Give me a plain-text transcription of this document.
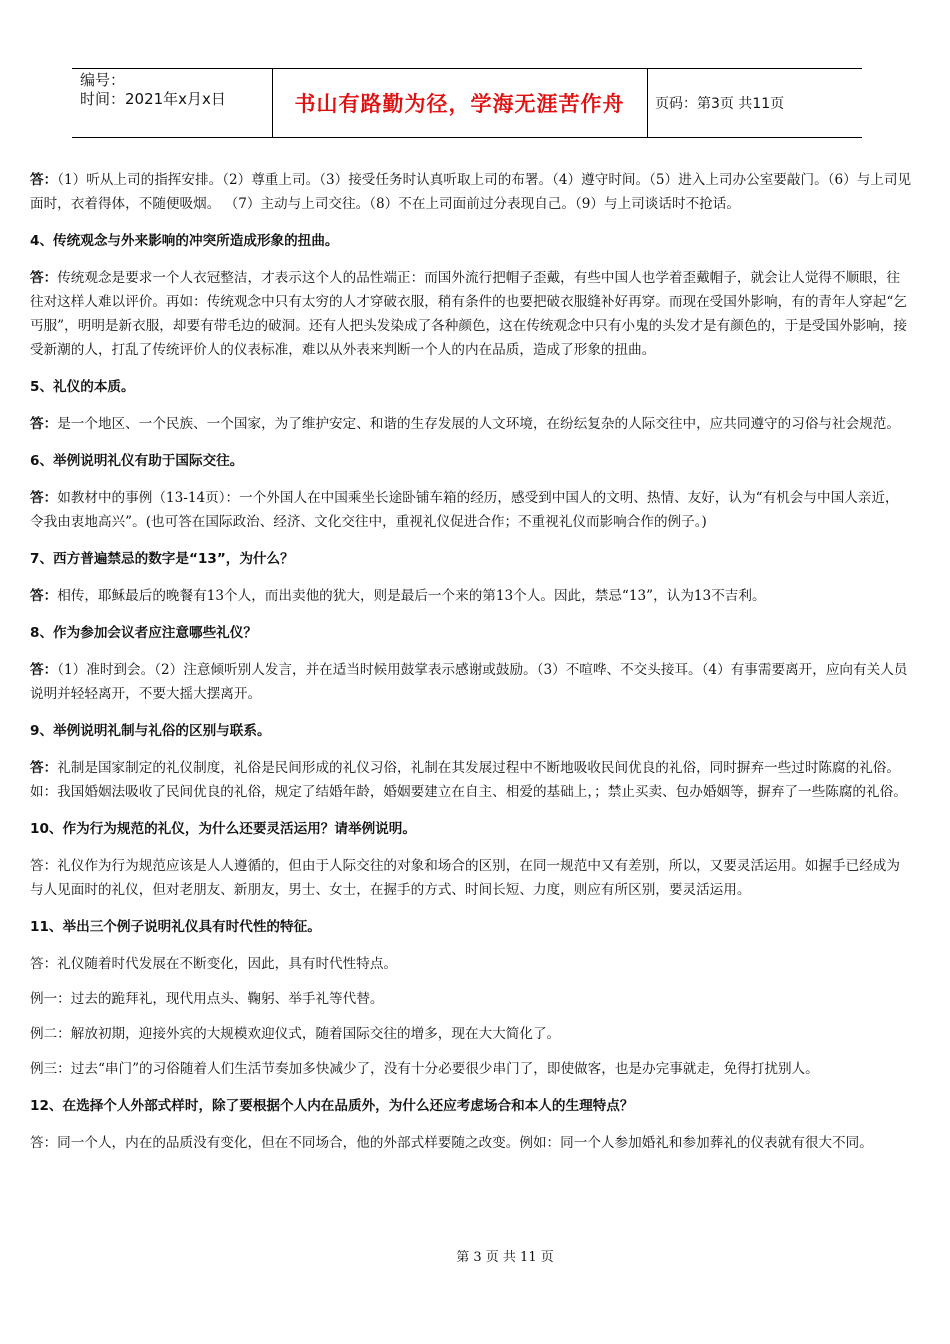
编号：
时间：2021年x月x日	书山有路勤为径，学海无涯苦作舟	页码：第3页 共11页

答：（1）听从上司的指挥安排。（2）尊重上司。（3）接受任务时认真听取上司的布署。（4）遵守时间。（5）进入上司办公室要敲门。（6）与上司见面时，衣着得体，不随便吸烟。 （7）主动与上司交往。（8）不在上司面前过分表现自己。（9）与上司谈话时不抢话。

4、传统观念与外来影响的冲突所造成形象的扭曲。

答：传统观念是要求一个人衣冠整洁，才表示这个人的品性端正：而国外流行把帽子歪戴，有些中国人也学着歪戴帽子，就会让人觉得不顺眼，往往对这样人难以评价。再如：传统观念中只有太穷的人才穿破衣服，稍有条件的也要把破衣服缝补好再穿。而现在受国外影响，有的青年人穿起“乞丐服”，明明是新衣服，却要有带毛边的破洞。还有人把头发染成了各种颜色，这在传统观念中只有小鬼的头发才是有颜色的，于是受国外影响，接受新潮的人，打乱了传统评价人的仪表标准，难以从外表来判断一个人的内在品质，造成了形象的扭曲。

5、礼仪的本质。

答：是一个地区、一个民族、一个国家，为了维护安定、和谐的生存发展的人文环境，在纷纭复杂的人际交往中，应共同遵守的习俗与社会规范。

6、举例说明礼仪有助于国际交往。

答：如教材中的事例（13-14页）：一个外国人在中国乘坐长途卧铺车箱的经历，感受到中国人的文明、热情、友好，认为“有机会与中国人亲近，令我由衷地高兴”。(也可答在国际政治、经济、文化交往中，重视礼仪促进合作；不重视礼仪而影响合作的例子。)

7、西方普遍禁忌的数字是“13”，为什么？

答：相传，耶稣最后的晚餐有13个人，而出卖他的犹大，则是最后一个来的第13个人。因此，禁忌“13”，认为13不吉利。

8、作为参加会议者应注意哪些礼仪？

答：（1）准时到会。（2）注意倾听别人发言，并在适当时候用鼓掌表示感谢或鼓励。（3）不喧哗、不交头接耳。（4）有事需要离开，应向有关人员说明并轻轻离开，不要大摇大摆离开。

9、举例说明礼制与礼俗的区别与联系。

答：礼制是国家制定的礼仪制度，礼俗是民间形成的礼仪习俗，礼制在其发展过程中不断地吸收民间优良的礼俗，同时摒弃一些过时陈腐的礼俗。如：我国婚姻法吸收了民间优良的礼俗，规定了结婚年龄，婚姻要建立在自主、相爱的基础上，；禁止买卖、包办婚姻等，摒弃了一些陈腐的礼俗。

10、作为行为规范的礼仪，为什么还要灵活运用？请举例说明。

答：礼仪作为行为规范应该是人人遵循的，但由于人际交往的对象和场合的区别，在同一规范中又有差别，所以，又要灵活运用。如握手已经成为与人见面时的礼仪，但对老朋友、新朋友，男士、女士，在握手的方式、时间长短、力度，则应有所区别，要灵活运用。

11、举出三个例子说明礼仪具有时代性的特征。

答：礼仪随着时代发展在不断变化，因此，具有时代性特点。

例一：过去的跪拜礼，现代用点头、鞠躬、举手礼等代替。

例二：解放初期，迎接外宾的大规模欢迎仪式，随着国际交往的增多，现在大大简化了。

例三：过去“串门”的习俗随着人们生活节奏加多快减少了，没有十分必要很少串门了，即使做客，也是办完事就走，免得打扰别人。

12、在选择个人外部式样时，除了要根据个人内在品质外，为什么还应考虑场合和本人的生理特点？

答：同一个人，内在的品质没有变化，但在不同场合，他的外部式样要随之改变。例如：同一个人参加婚礼和参加葬礼的仪表就有很大不同。

第 3 页 共 11 页
